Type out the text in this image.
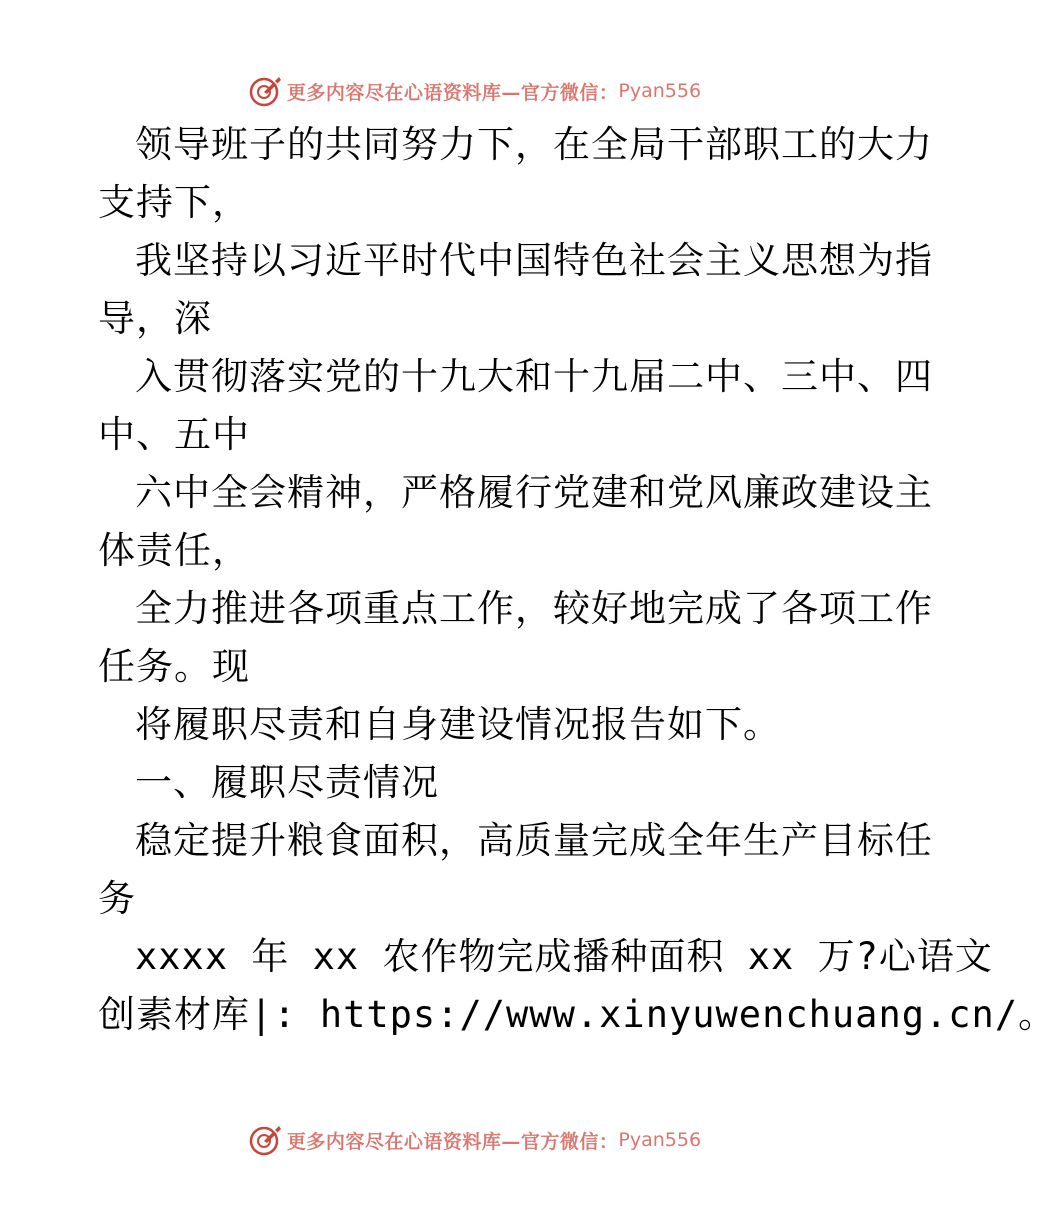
更多内容尽在心语资料库—官方微信： Pyan556
领导班子的共同努力下，在全局干部职工的大力
支持下，
我坚持以习近平时代中国特色社会主义思想为指
导，深
入贯彻落实党的十九大和十九届二中、三中、四
中、五中
六中全会精神，严格履行党建和党风廉政建设主
体责任，
全力推进各项重点工作，较好地完成了各项工作
任务。现
将履职尽责和自身建设情况报告如下。
一、履职尽责情况
稳定提升粮食面积，高质量完成全年生产目标任
务
xxxx 年 xx 农作物完成播种面积 xx 万?心语文
创素材库|: https://www.xinyuwenchuang.cn/。
更多内容尽在心语资料库—官方微信： Pyan556
